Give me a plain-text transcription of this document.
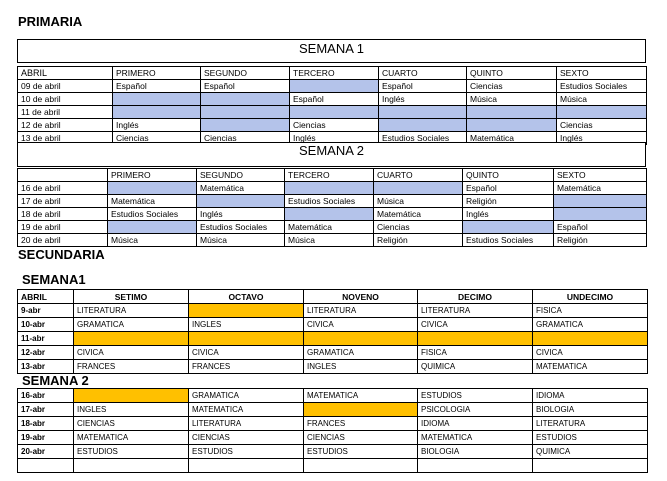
PRIMARIA
SEMANA 1
ABRIL	PRIMERO	SEGUNDO	TERCERO	CUARTO	QUINTO	SEXTO
09 de abril	Español	Español		Español	Ciencias	Estudios Sociales
10 de abril			Español	Inglés	Música	Música
11 de abril						
12 de abril	Inglés		Ciencias			Ciencias
13 de abril	Ciencias	Ciencias	Inglés	Estudios Sociales	Matemática	Inglés
SEMANA 2
	PRIMERO	SEGUNDO	TERCERO	CUARTO	QUINTO	SEXTO
16 de abril		Matemática			Español	Matemática
17 de abril	Matemática		Estudios Sociales	Música	Religión	
18 de abril	Estudios Sociales	Inglés		Matemática	Inglés	
19 de abril		Estudios Sociales	Matemática	Ciencias		Español
20 de abril	Música	Música	Música	Religión	Estudios Sociales	Religión
SECUNDARIA
SEMANA1
ABRIL	SETIMO	OCTAVO	NOVENO	DECIMO	UNDECIMO
9-abr	LITERATURA		LITERATURA	LITERATURA	FISICA
10-abr	GRAMATICA	INGLES	CIVICA	CIVICA	GRAMATICA
11-abr					
12-abr	CIVICA	CIVICA	GRAMATICA	FISICA	CIVICA
13-abr	FRANCES	FRANCES	INGLES	QUIMICA	MATEMATICA
SEMANA 2
16-abr		GRAMATICA	MATEMATICA	ESTUDIOS	IDIOMA
17-abr	INGLES	MATEMATICA		PSICOLOGIA	BIOLOGIA
18-abr	CIENCIAS	LITERATURA	FRANCES	IDIOMA	LITERATURA
19-abr	MATEMATICA	CIENCIAS	CIENCIAS	MATEMATICA	ESTUDIOS
20-abr	ESTUDIOS	ESTUDIOS	ESTUDIOS	BIOLOGIA	QUIMICA
